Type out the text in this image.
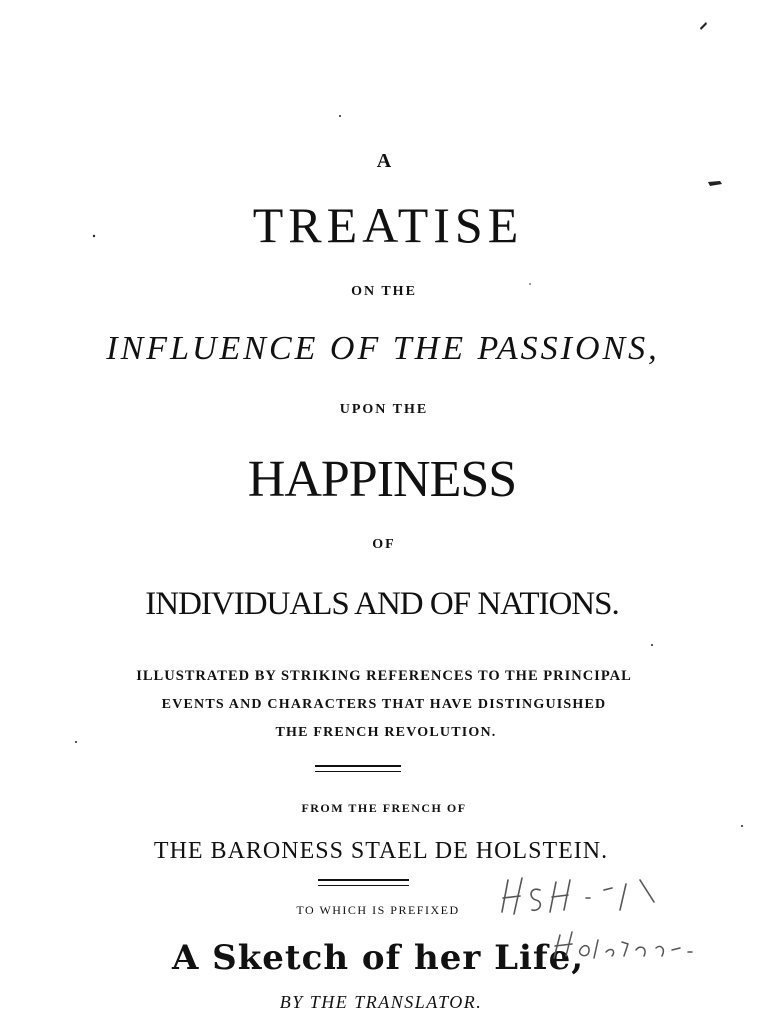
A
TREATISE
ON THE
INFLUENCE OF THE PASSIONS,
UPON THE
HAPPINESS
OF
INDIVIDUALS AND OF NATIONS.
ILLUSTRATED BY STRIKING REFERENCES TO THE PRINCIPAL
EVENTS AND CHARACTERS THAT HAVE DISTINGUISHED
THE FRENCH REVOLUTION.
FROM THE FRENCH OF
THE BARONESS STAEL DE HOLSTEIN.
TO WHICH IS PREFIXED
A Sketch of her Life,
BY THE TRANSLATOR.
